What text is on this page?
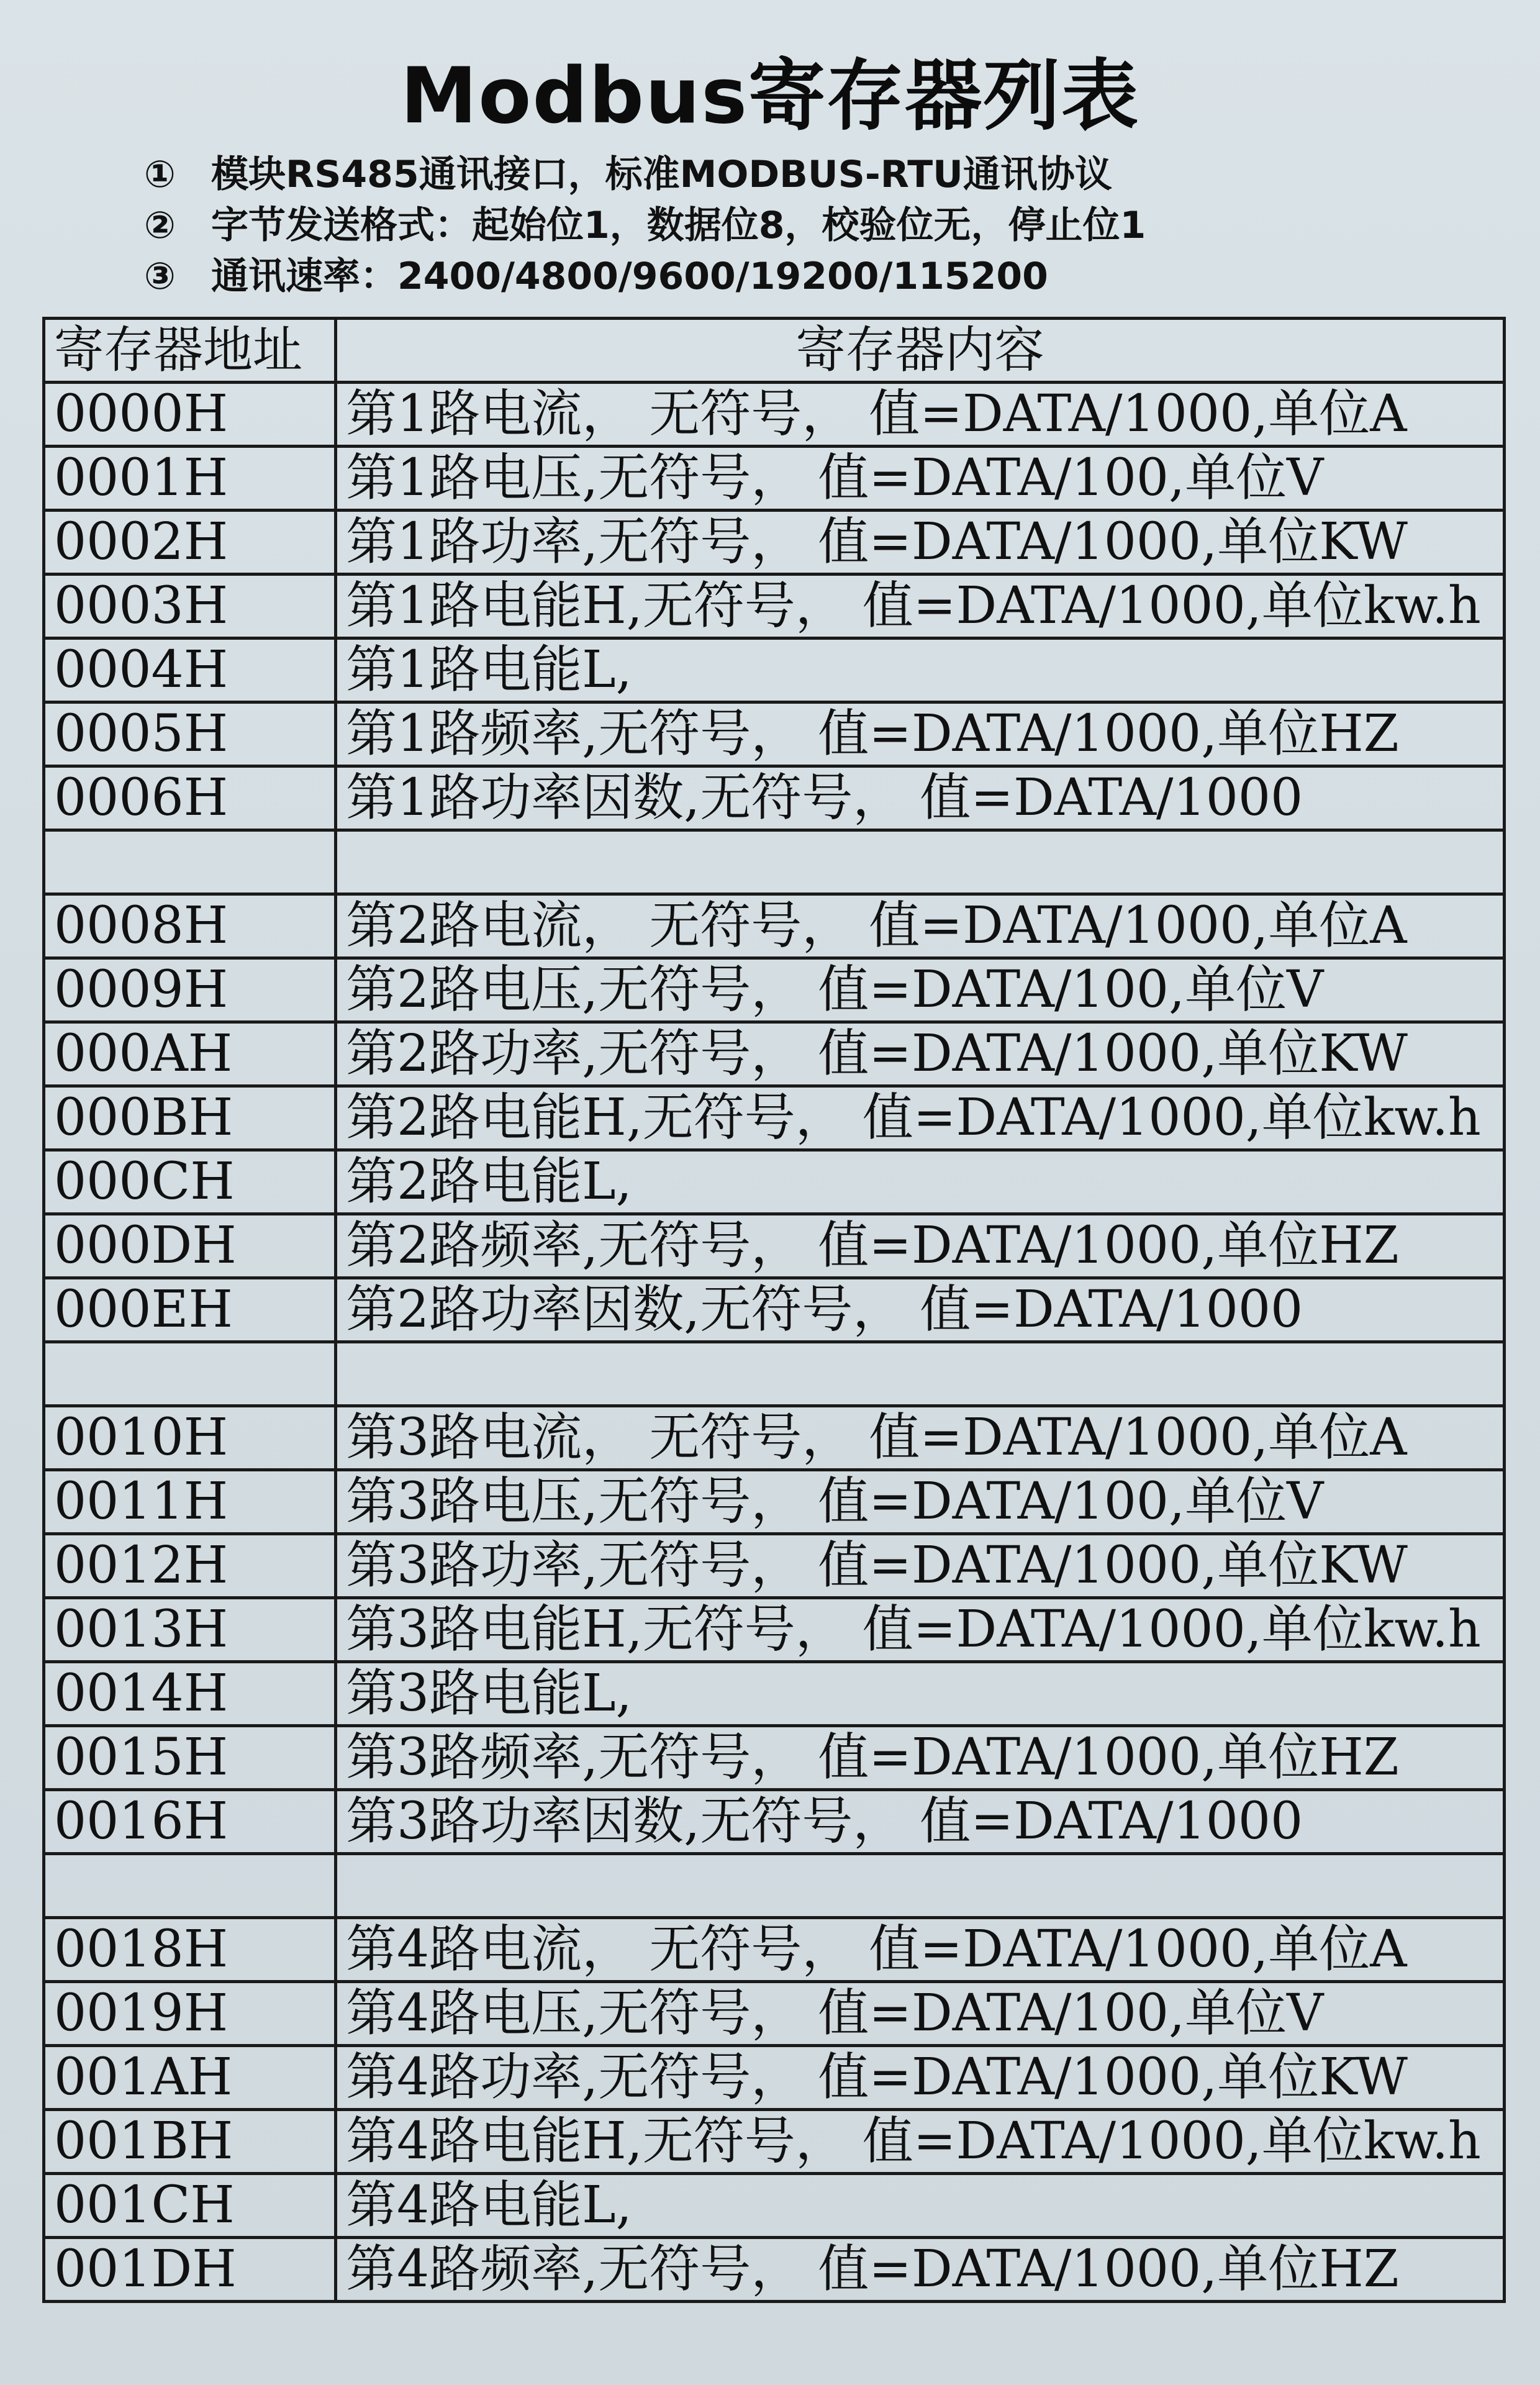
Modbus寄存器列表
① 模块RS485通讯接口，标准MODBUS-RTU通讯协议
② 字节发送格式：起始位1，数据位8，校验位无，停止位1
③ 通讯速率：2400/4800/9600/19200/115200
寄存器地址	寄存器内容
0000H	第1路电流， 无符号， 值=DATA/1000,单位A
0001H	第1路电压,无符号， 值=DATA/100,单位V
0002H	第1路功率,无符号， 值=DATA/1000,单位KW
0003H	第1路电能H,无符号， 值=DATA/1000,单位kw.h
0004H	第1路电能L,
0005H	第1路频率,无符号， 值=DATA/1000,单位HZ
0006H	第1路功率因数,无符号， 值=DATA/1000

0008H	第2路电流， 无符号， 值=DATA/1000,单位A
0009H	第2路电压,无符号， 值=DATA/100,单位V
000AH	第2路功率,无符号， 值=DATA/1000,单位KW
000BH	第2路电能H,无符号， 值=DATA/1000,单位kw.h
000CH	第2路电能L,
000DH	第2路频率,无符号， 值=DATA/1000,单位HZ
000EH	第2路功率因数,无符号， 值=DATA/1000

0010H	第3路电流， 无符号， 值=DATA/1000,单位A
0011H	第3路电压,无符号， 值=DATA/100,单位V
0012H	第3路功率,无符号， 值=DATA/1000,单位KW
0013H	第3路电能H,无符号， 值=DATA/1000,单位kw.h
0014H	第3路电能L,
0015H	第3路频率,无符号， 值=DATA/1000,单位HZ
0016H	第3路功率因数,无符号， 值=DATA/1000

0018H	第4路电流， 无符号， 值=DATA/1000,单位A
0019H	第4路电压,无符号， 值=DATA/100,单位V
001AH	第4路功率,无符号， 值=DATA/1000,单位KW
001BH	第4路电能H,无符号， 值=DATA/1000,单位kw.h
001CH	第4路电能L,
001DH	第4路频率,无符号， 值=DATA/1000,单位HZ
